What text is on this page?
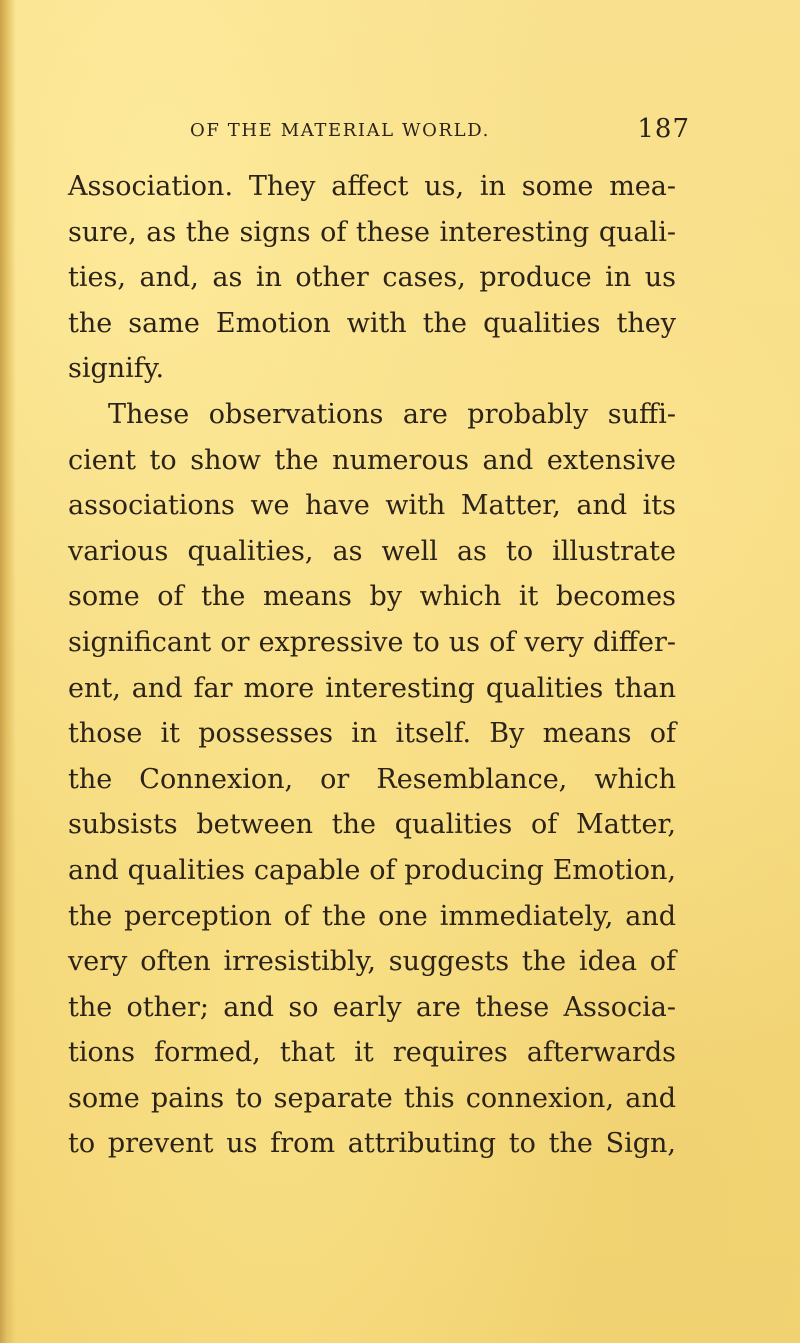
OF THE MATERIAL WORLD.	187
Association. They affect us, in some mea-
sure, as the signs of these interesting quali-
ties, and, as in other cases, produce in us
the same Emotion with the qualities they
signify.
These observations are probably suffi-
cient to show the numerous and extensive
associations we have with Matter, and its
various qualities, as well as to illustrate
some of the means by which it becomes
significant or expressive to us of very differ-
ent, and far more interesting qualities than
those it possesses in itself. By means of
the Connexion, or Resemblance, which
subsists between the qualities of Matter,
and qualities capable of producing Emotion,
the perception of the one immediately, and
very often irresistibly, suggests the idea of
the other; and so early are these Associa-
tions formed, that it requires afterwards
some pains to separate this connexion, and
to prevent us from attributing to the Sign,
